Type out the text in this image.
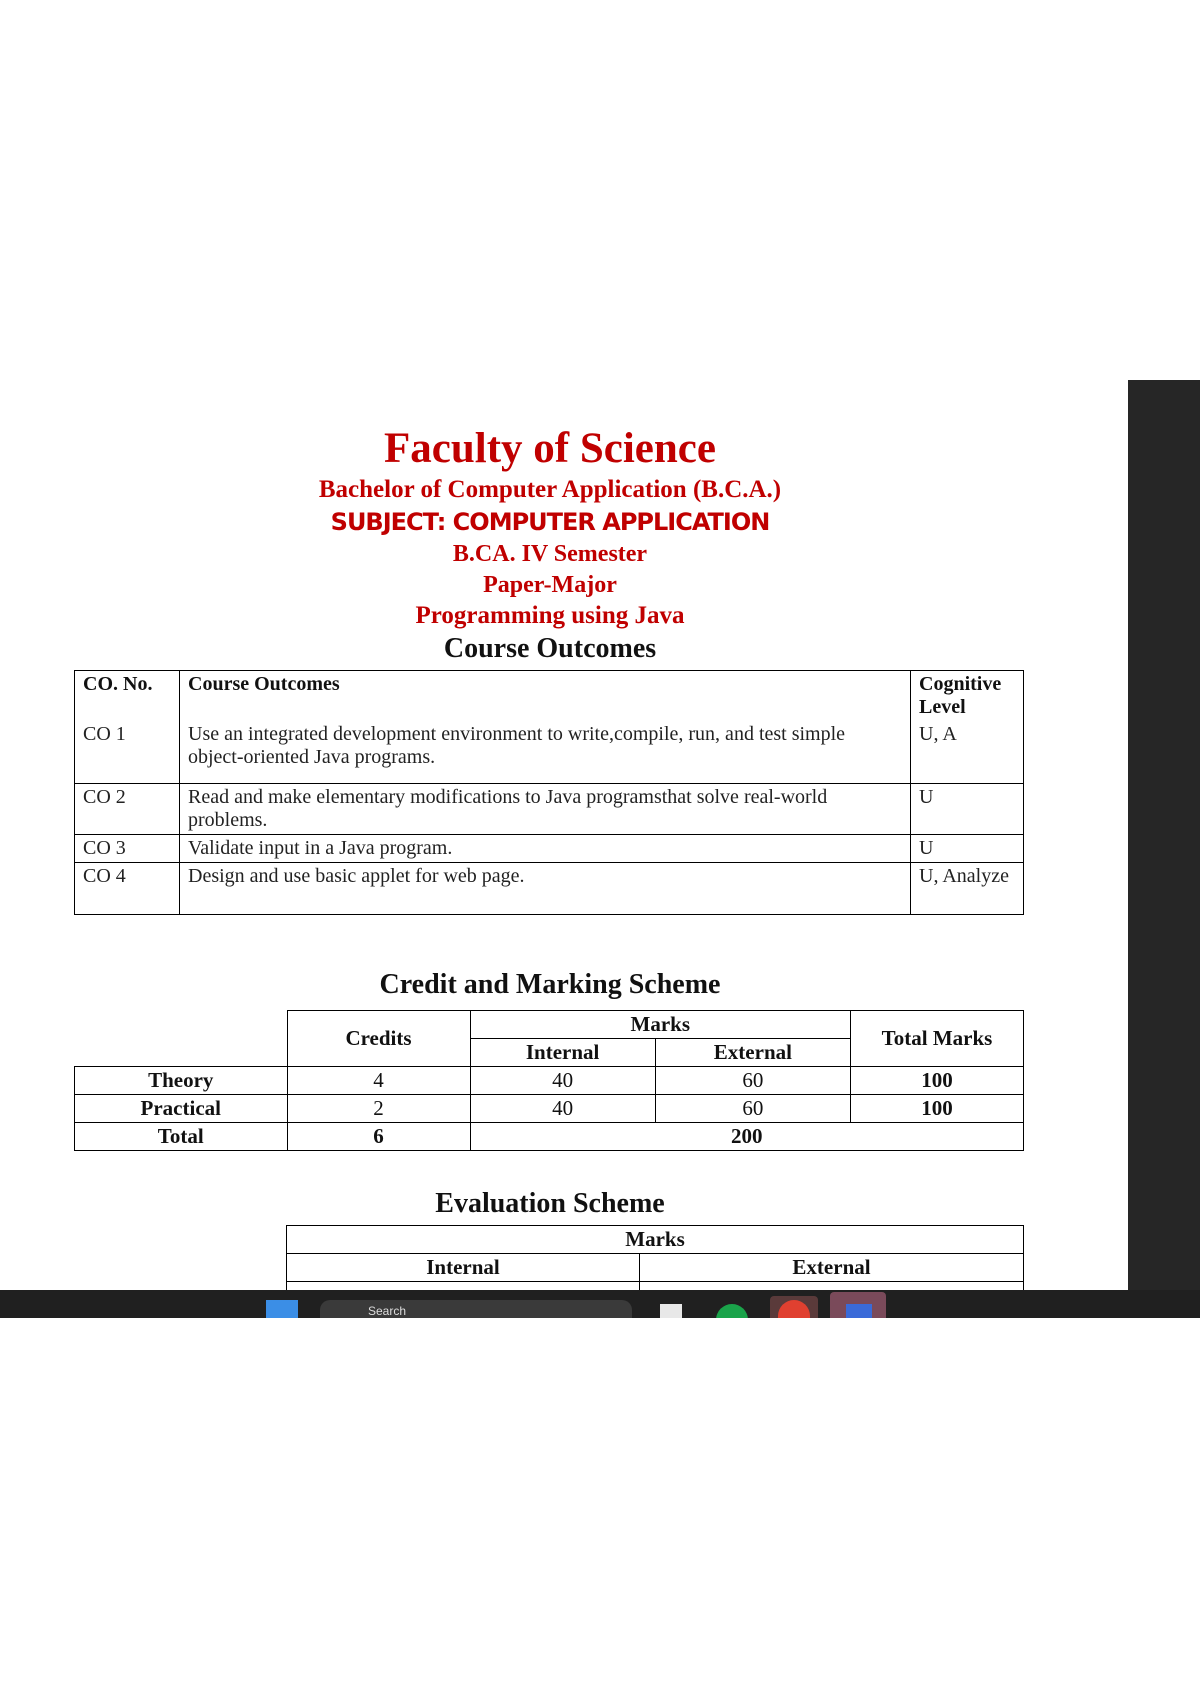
Faculty of Science
Bachelor of Computer Application (B.C.A.)
SUBJECT: COMPUTER APPLICATION
B.CA. IV Semester
Paper-Major
Programming using Java
Course Outcomes
CO. No.	Course Outcomes	Cognitive Level
CO 1	Use an integrated development environment to write,compile, run, and test simple object-oriented Java programs.	U, A
CO 2	Read and make elementary modifications to Java programsthat solve real-world problems.	U
CO 3	Validate input in a Java program.	U
CO 4	Design and use basic applet for web page.	U, Analyze
Credit and Marking Scheme
	Credits	Marks		Total Marks
		Internal	External	
Theory	4	40	60	100
Practical	2	40	60	100
Total	6	200		
Evaluation Scheme
	Marks	
	Internal	External

Search
